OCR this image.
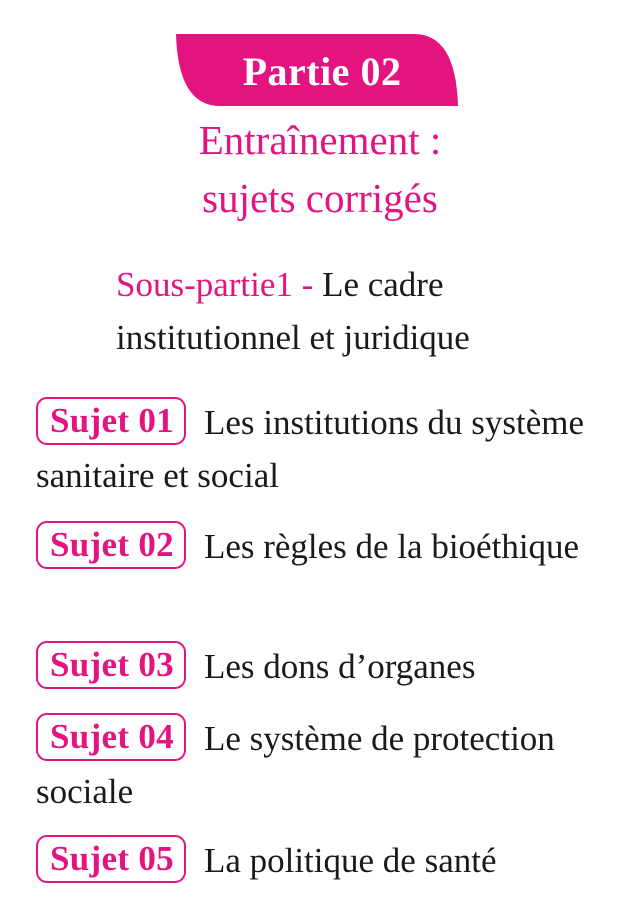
Partie 02
Entraînement :
sujets corrigés
Sous-partie1 - Le cadre institutionnel et juridique
Sujet 01 Les institutions du système sanitaire et social
Sujet 02 Les règles de la bioéthique
Sujet 03 Les dons d’organes
Sujet 04 Le système de protection sociale
Sujet 05 La politique de santé
